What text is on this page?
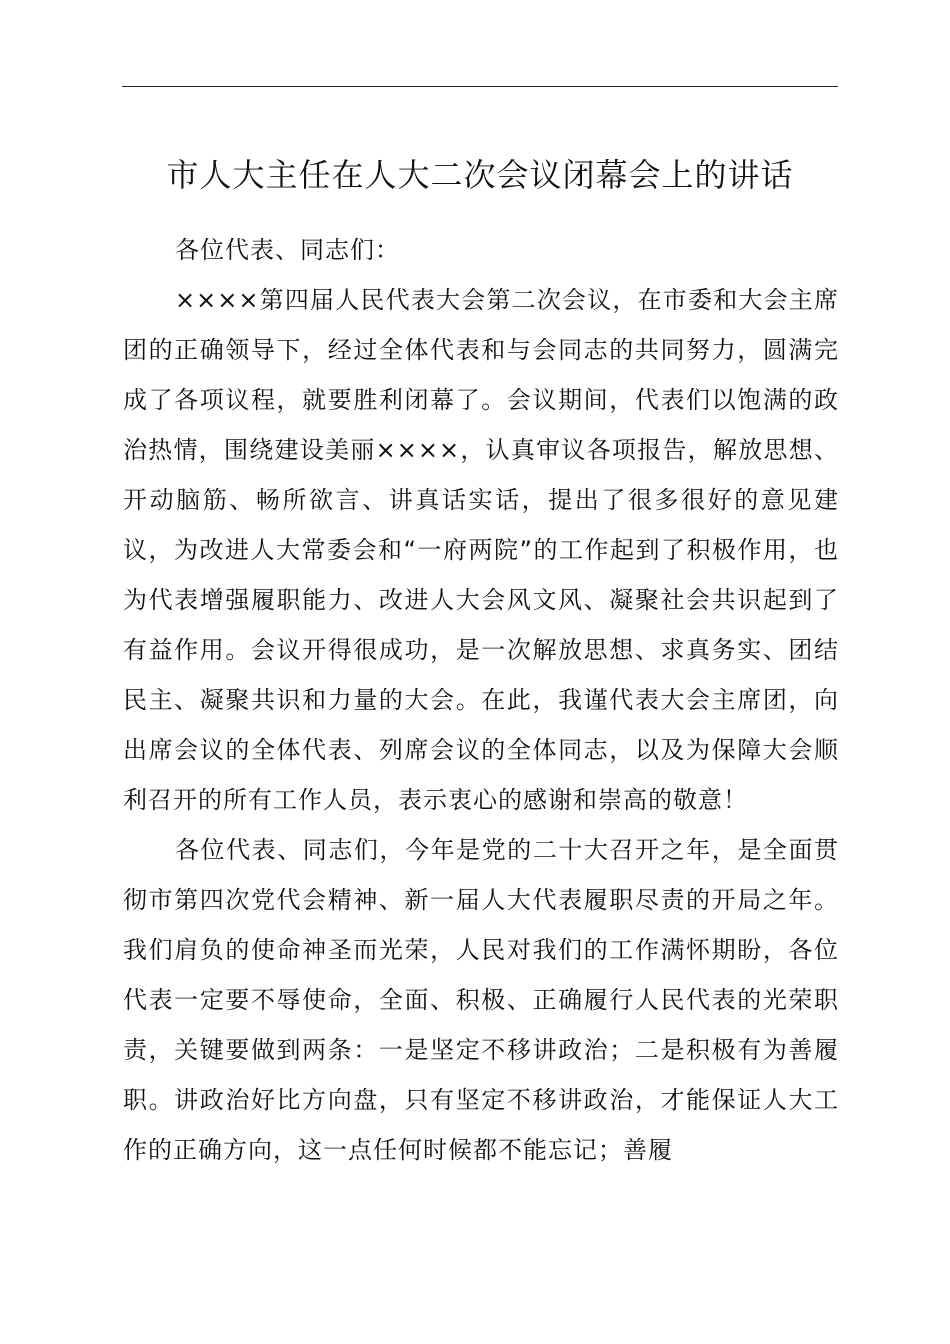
市人大主任在人大二次会议闭幕会上的讲话

各位代表、同志们：

××××第四届人民代表大会第二次会议，在市委和大会主席团的正确领导下，经过全体代表和与会同志的共同努力，圆满完成了各项议程，就要胜利闭幕了。会议期间，代表们以饱满的政治热情，围绕建设美丽××××，认真审议各项报告，解放思想、开动脑筋、畅所欲言、讲真话实话，提出了很多很好的意见建议，为改进人大常委会和“一府两院”的工作起到了积极作用，也为代表增强履职能力、改进人大会风文风、凝聚社会共识起到了有益作用。会议开得很成功，是一次解放思想、求真务实、团结民主、凝聚共识和力量的大会。在此，我谨代表大会主席团，向出席会议的全体代表、列席会议的全体同志，以及为保障大会顺利召开的所有工作人员，表示衷心的感谢和崇高的敬意！

各位代表、同志们，今年是党的二十大召开之年，是全面贯彻市第四次党代会精神、新一届人大代表履职尽责的开局之年。我们肩负的使命神圣而光荣，人民对我们的工作满怀期盼，各位代表一定要不辱使命，全面、积极、正确履行人民代表的光荣职责，关键要做到两条：一是坚定不移讲政治；二是积极有为善履职。讲政治好比方向盘，只有坚定不移讲政治，才能保证人大工作的正确方向，这一点任何时候都不能忘记；善履
